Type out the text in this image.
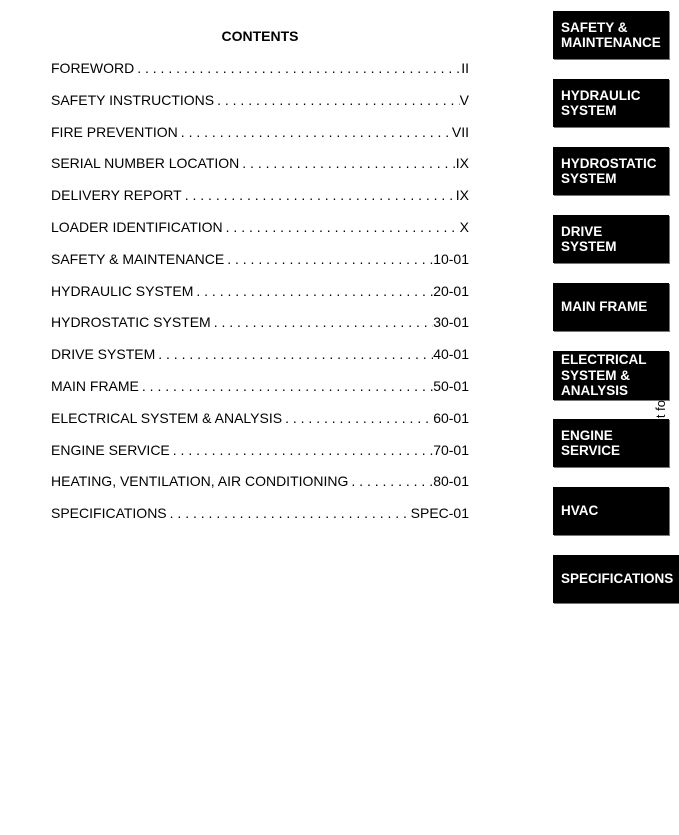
CONTENTS
FOREWORD . . .	II
SAFETY INSTRUCTIONS . . .	V
FIRE PREVENTION . . .	VII
SERIAL NUMBER LOCATION . . .	IX
DELIVERY REPORT . . .	IX
LOADER IDENTIFICATION . . .	X
SAFETY & MAINTENANCE . . .	10-01
HYDRAULIC SYSTEM . . .	20-01
HYDROSTATIC SYSTEM . . .	30-01
DRIVE SYSTEM . . .	40-01
MAIN FRAME . . .	50-01
ELECTRICAL SYSTEM & ANALYSIS . . .	60-01
ENGINE SERVICE . . .	70-01
HEATING, VENTILATION, AIR CONDITIONING . . .	80-01
SPECIFICATIONS . . .	SPEC-01
SAFETY &
MAINTENANCE
HYDRAULIC
SYSTEM
HYDROSTATIC
SYSTEM
DRIVE
SYSTEM
MAIN FRAME
ELECTRICAL
SYSTEM &
ANALYSIS
ENGINE
SERVICE
HVAC
SPECIFICATIONS
Co t fo
